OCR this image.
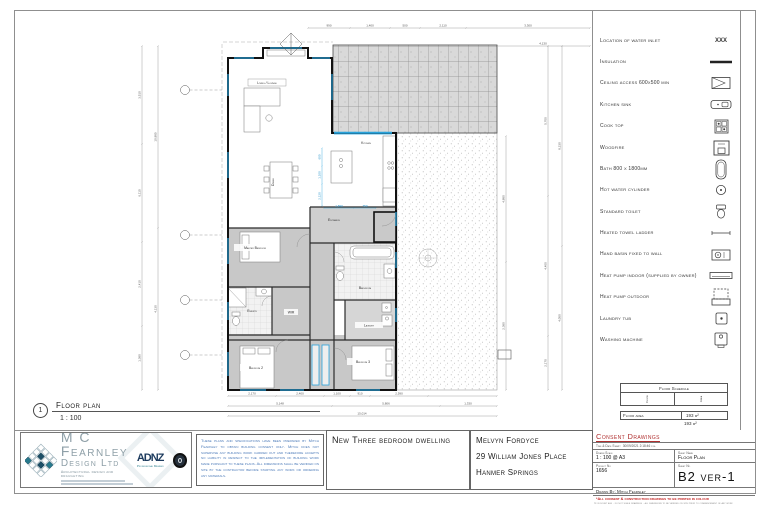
990	1,400	500	2,110	3,300
4,130
3,510
6,110
2,410
1,380
10,880
4,130
4,880
2,380
5,700
4,400
2,170
8,230
4,050
2,170	2,400	1,100	910	2,590
5,148	5,806	1,330
15,014
600
1,100
2,120
1,690	750
Living / Lounge
Dining
Kitchen
Entrance
Master Bedroom
Ensuite	WIR
Bathroom
Laundry
Bedroom 2
Bedroom 3
Location of water inlet	XXX
Insulation
Ceiling access 600x500 min
Kitchen sink
Cook top
Woodfire
Bath 800 x 1800mm
Hot water cylinder
Standard toilet
Heated towel ladder
Hand basin fixed to wall
Heat pump indoor (supplied by owner)
Heat pump outdoor
Laundry tub
Washing machine
Floor Schedule
Floor	Area
Floor area	193 m²
193 m²
1
Floor plan
1 : 100
M C Fearnley
Design Ltd
Architectural design and draughting
ADNZ
Professional Member
These plans and specifications have been prepared by Mitch Fearnley to obtain building consent only. Mitch does not supervise any building work carried out and therefore accepts no liability in respect to the implementation of building work made pursuant to these plans. All dimensions shall be verified on site by the contractor before starting any work or ordering any materials.
New Three bedroom dwelling	Melvyn Fordyce
29 William Jones Place
Hanmer Springs
Consent Drawings
Time & Date Stamp: 30/09/2021 2:18:46 p.m.
Drawn Scale
1 : 100 @ A3
Sheet Name
Floor Plan
Project No
1656
Sheet No
B2 ver-1
Drawn By: Mitch Fearnley
*All consent & construction drawings to be printed in colour
If in doubt ask · do not scale drawings · all dimensions to be verified on site prior to commencement of any work
